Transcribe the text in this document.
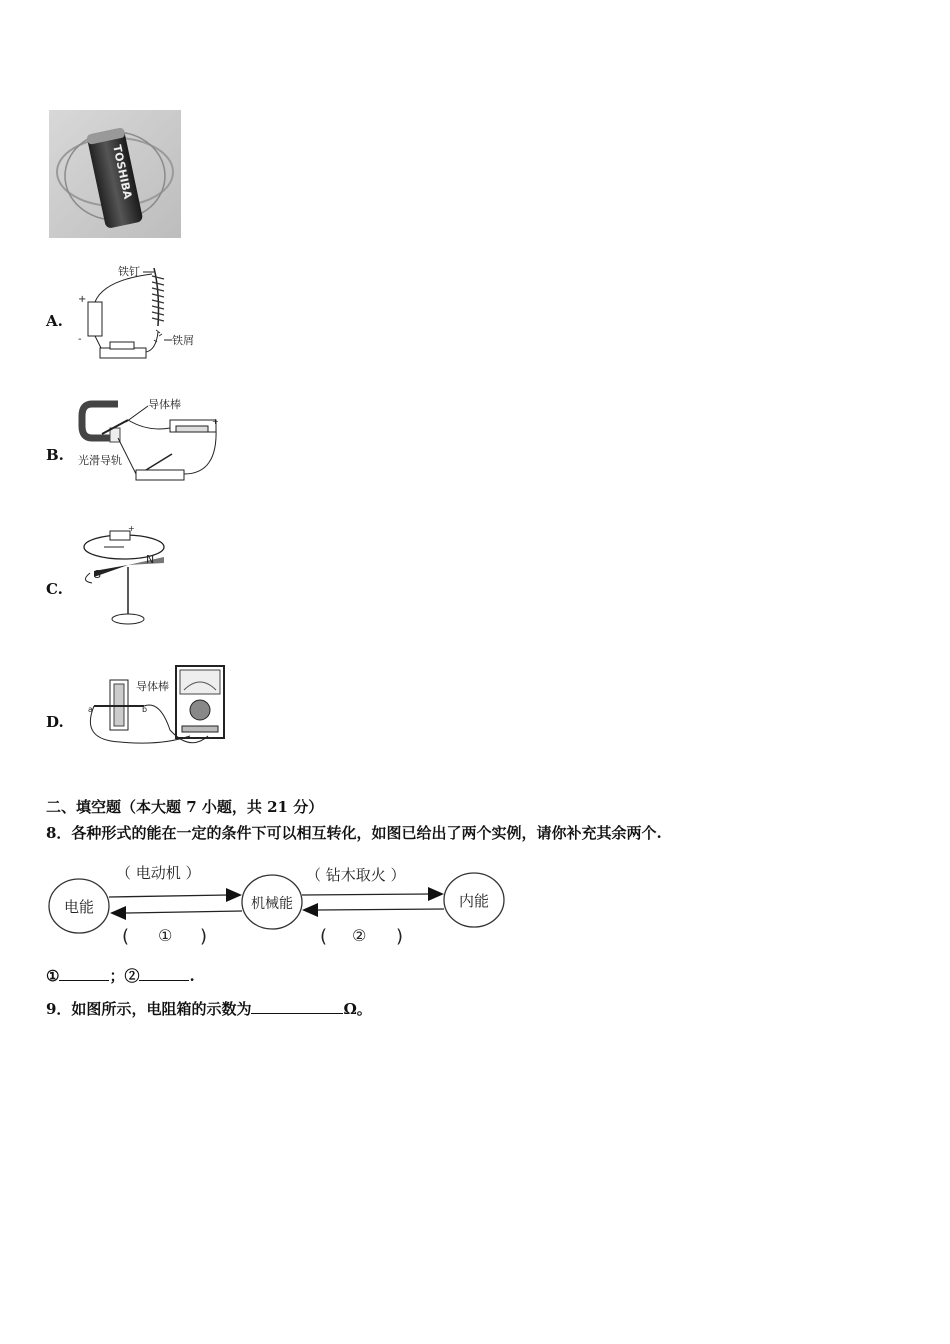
TOSHIBA
A.
铁钉
铁屑
+
-
B.
导体棒
+
光滑导轨
C.
+
S
N
D.
导体棒
a	b
二、填空题（本大题 7 小题，共 21 分）
8．各种形式的能在一定的条件下可以相互转化，如图已给出了两个实例，请你补充其余两个.
（ 电动机 ）	（ 钻木取火 ）
电能	机械能	内能
( ① )	( ② )
①	；②	.
9．如图所示，电阻箱的示数为	Ω。
